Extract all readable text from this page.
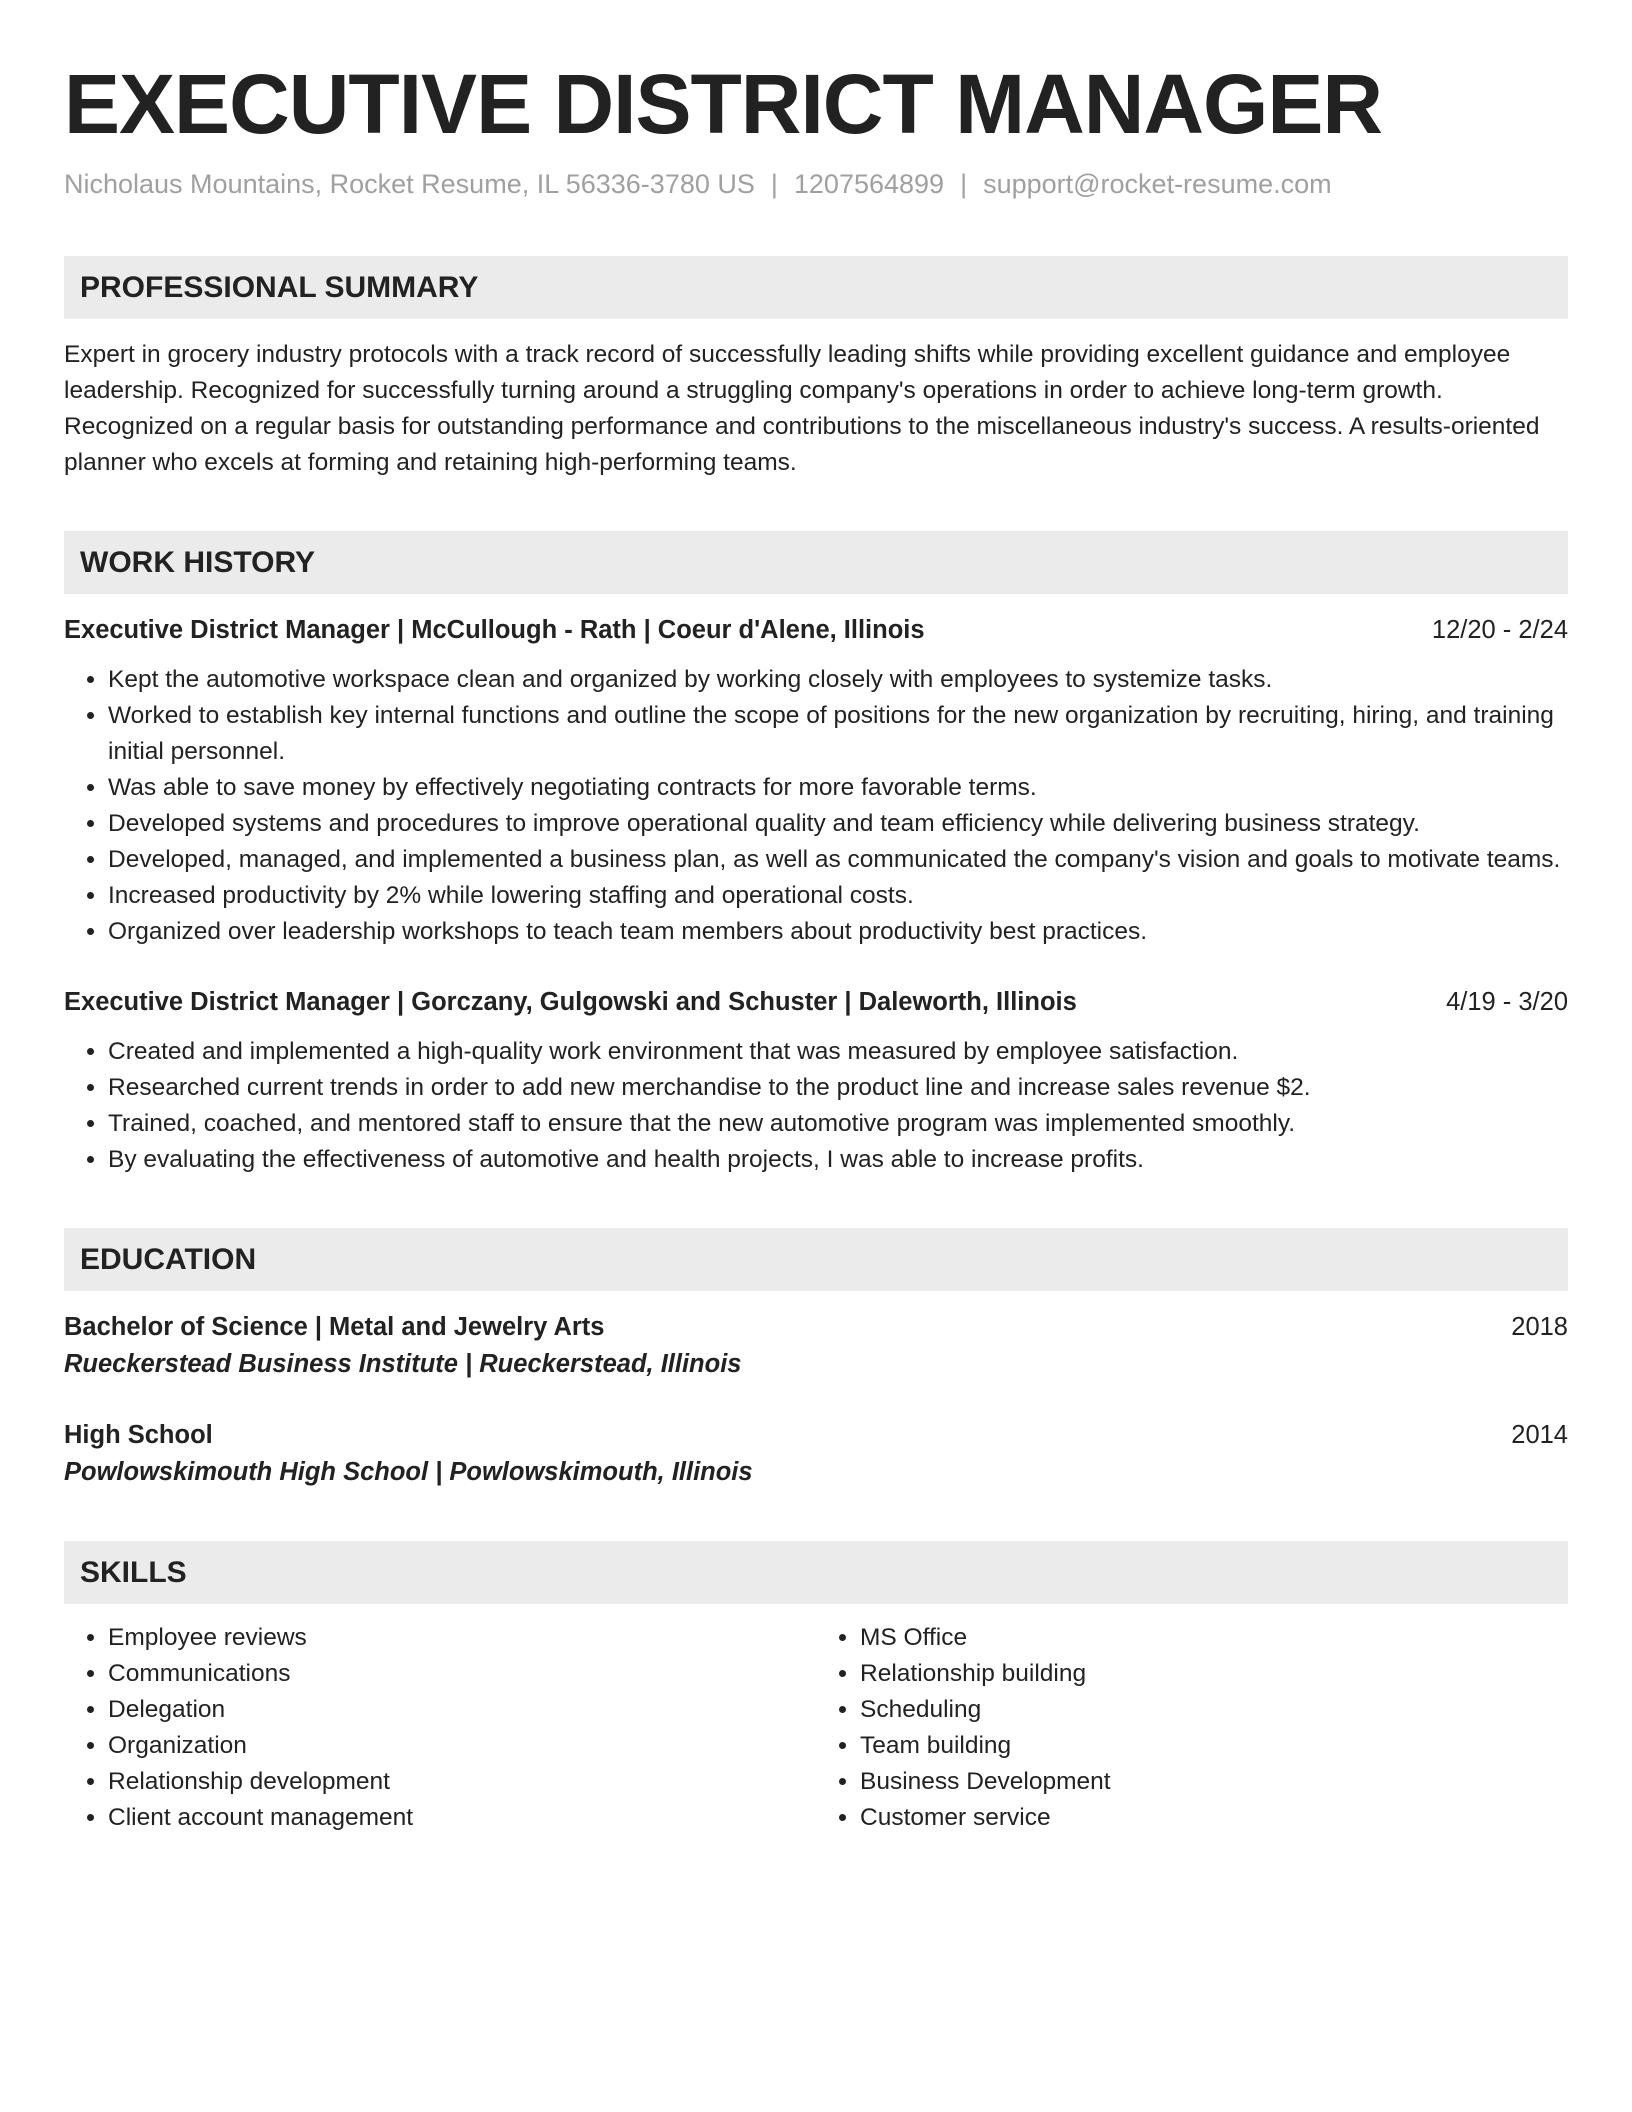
EXECUTIVE DISTRICT MANAGER
Nicholaus Mountains, Rocket Resume, IL 56336-3780 US | 1207564899 | support@rocket-resume.com
PROFESSIONAL SUMMARY
Expert in grocery industry protocols with a track record of successfully leading shifts while providing excellent guidance and employee leadership. Recognized for successfully turning around a struggling company's operations in order to achieve long-term growth. Recognized on a regular basis for outstanding performance and contributions to the miscellaneous industry's success. A results-oriented planner who excels at forming and retaining high-performing teams.
WORK HISTORY
Executive District Manager | McCullough - Rath | Coeur d'Alene, Illinois	12/20 - 2/24
• Kept the automotive workspace clean and organized by working closely with employees to systemize tasks.
• Worked to establish key internal functions and outline the scope of positions for the new organization by recruiting, hiring, and training initial personnel.
• Was able to save money by effectively negotiating contracts for more favorable terms.
• Developed systems and procedures to improve operational quality and team efficiency while delivering business strategy.
• Developed, managed, and implemented a business plan, as well as communicated the company's vision and goals to motivate teams.
• Increased productivity by 2% while lowering staffing and operational costs.
• Organized over leadership workshops to teach team members about productivity best practices.
Executive District Manager | Gorczany, Gulgowski and Schuster | Daleworth, Illinois	4/19 - 3/20
• Created and implemented a high-quality work environment that was measured by employee satisfaction.
• Researched current trends in order to add new merchandise to the product line and increase sales revenue $2.
• Trained, coached, and mentored staff to ensure that the new automotive program was implemented smoothly.
• By evaluating the effectiveness of automotive and health projects, I was able to increase profits.
EDUCATION
Bachelor of Science | Metal and Jewelry Arts	2018
Rueckerstead Business Institute | Rueckerstead, Illinois
High School	2014
Powlowskimouth High School | Powlowskimouth, Illinois
SKILLS
• Employee reviews
• Communications
• Delegation
• Organization
• Relationship development
• Client account management
• MS Office
• Relationship building
• Scheduling
• Team building
• Business Development
• Customer service
